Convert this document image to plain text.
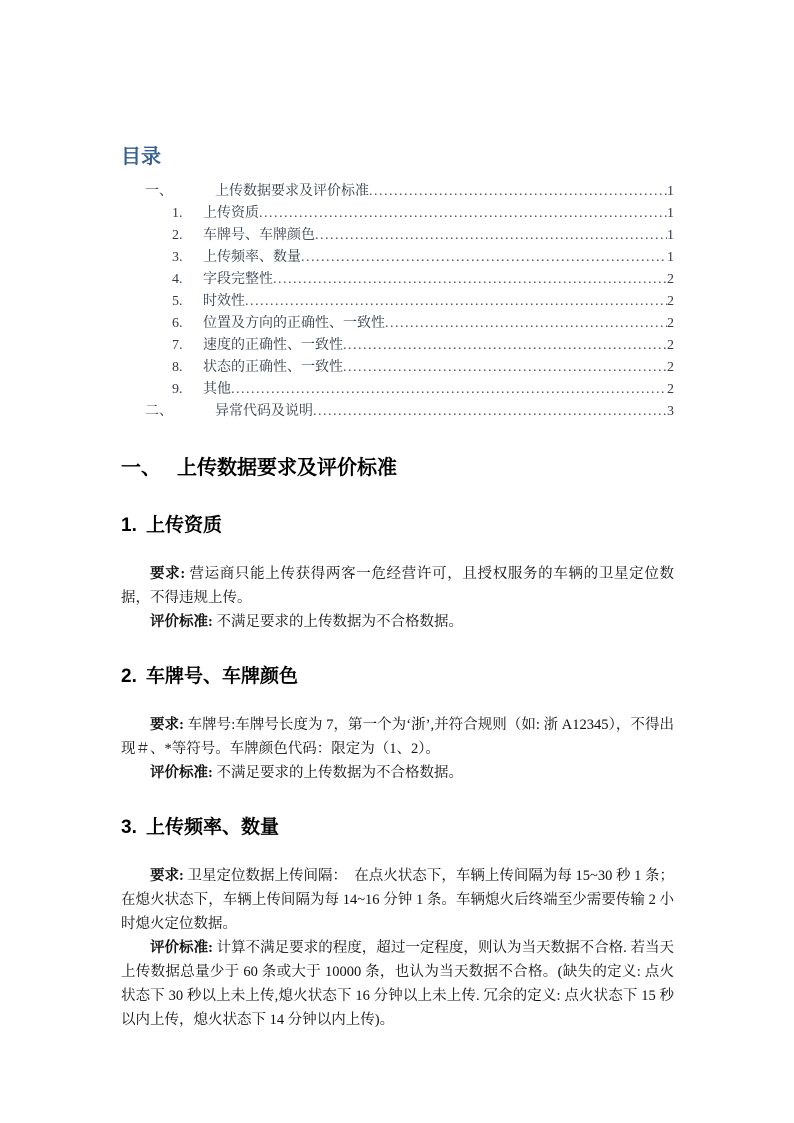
目录
一、	上传数据要求及评价标准 .....	1
1.	上传资质 .....	1
2.	车牌号、车牌颜色 .....	1
3.	上传频率、数量 .....	1
4.	字段完整性 .....	2
5.	时效性 .....	2
6.	位置及方向的正确性、一致性 .....	2
7.	速度的正确性、一致性 .....	2
8.	状态的正确性、一致性 .....	2
9.	其他 .....	2
二、	异常代码及说明 .....	3
一、 上传数据要求及评价标准
1. 上传资质

要求: 营运商只能上传获得两客一危经营许可，且授权服务的车辆的卫星定位数据，不得违规上传。

评价标准: 不满足要求的上传数据为不合格数据。

2. 车牌号、车牌颜色

要求: 车牌号:车牌号长度为 7，第一个为‘浙’,并符合规则（如: 浙 A12345），不得出现＃、*等符号。车牌颜色代码：限定为（1、2）。

评价标准: 不满足要求的上传数据为不合格数据。

3. 上传频率、数量

要求: 卫星定位数据上传间隔：　在点火状态下，车辆上传间隔为每 15~30 秒 1 条；在熄火状态下，车辆上传间隔为每 14~16 分钟 1 条。车辆熄火后终端至少需要传输 2 小时熄火定位数据。

评价标准: 计算不满足要求的程度，超过一定程度，则认为当天数据不合格. 若当天上传数据总量少于 60 条或大于 10000 条，也认为当天数据不合格。(缺失的定义: 点火状态下 30 秒以上未上传,熄火状态下 16 分钟以上未上传. 冗余的定义: 点火状态下 15 秒以内上传，熄火状态下 14 分钟以内上传)。
